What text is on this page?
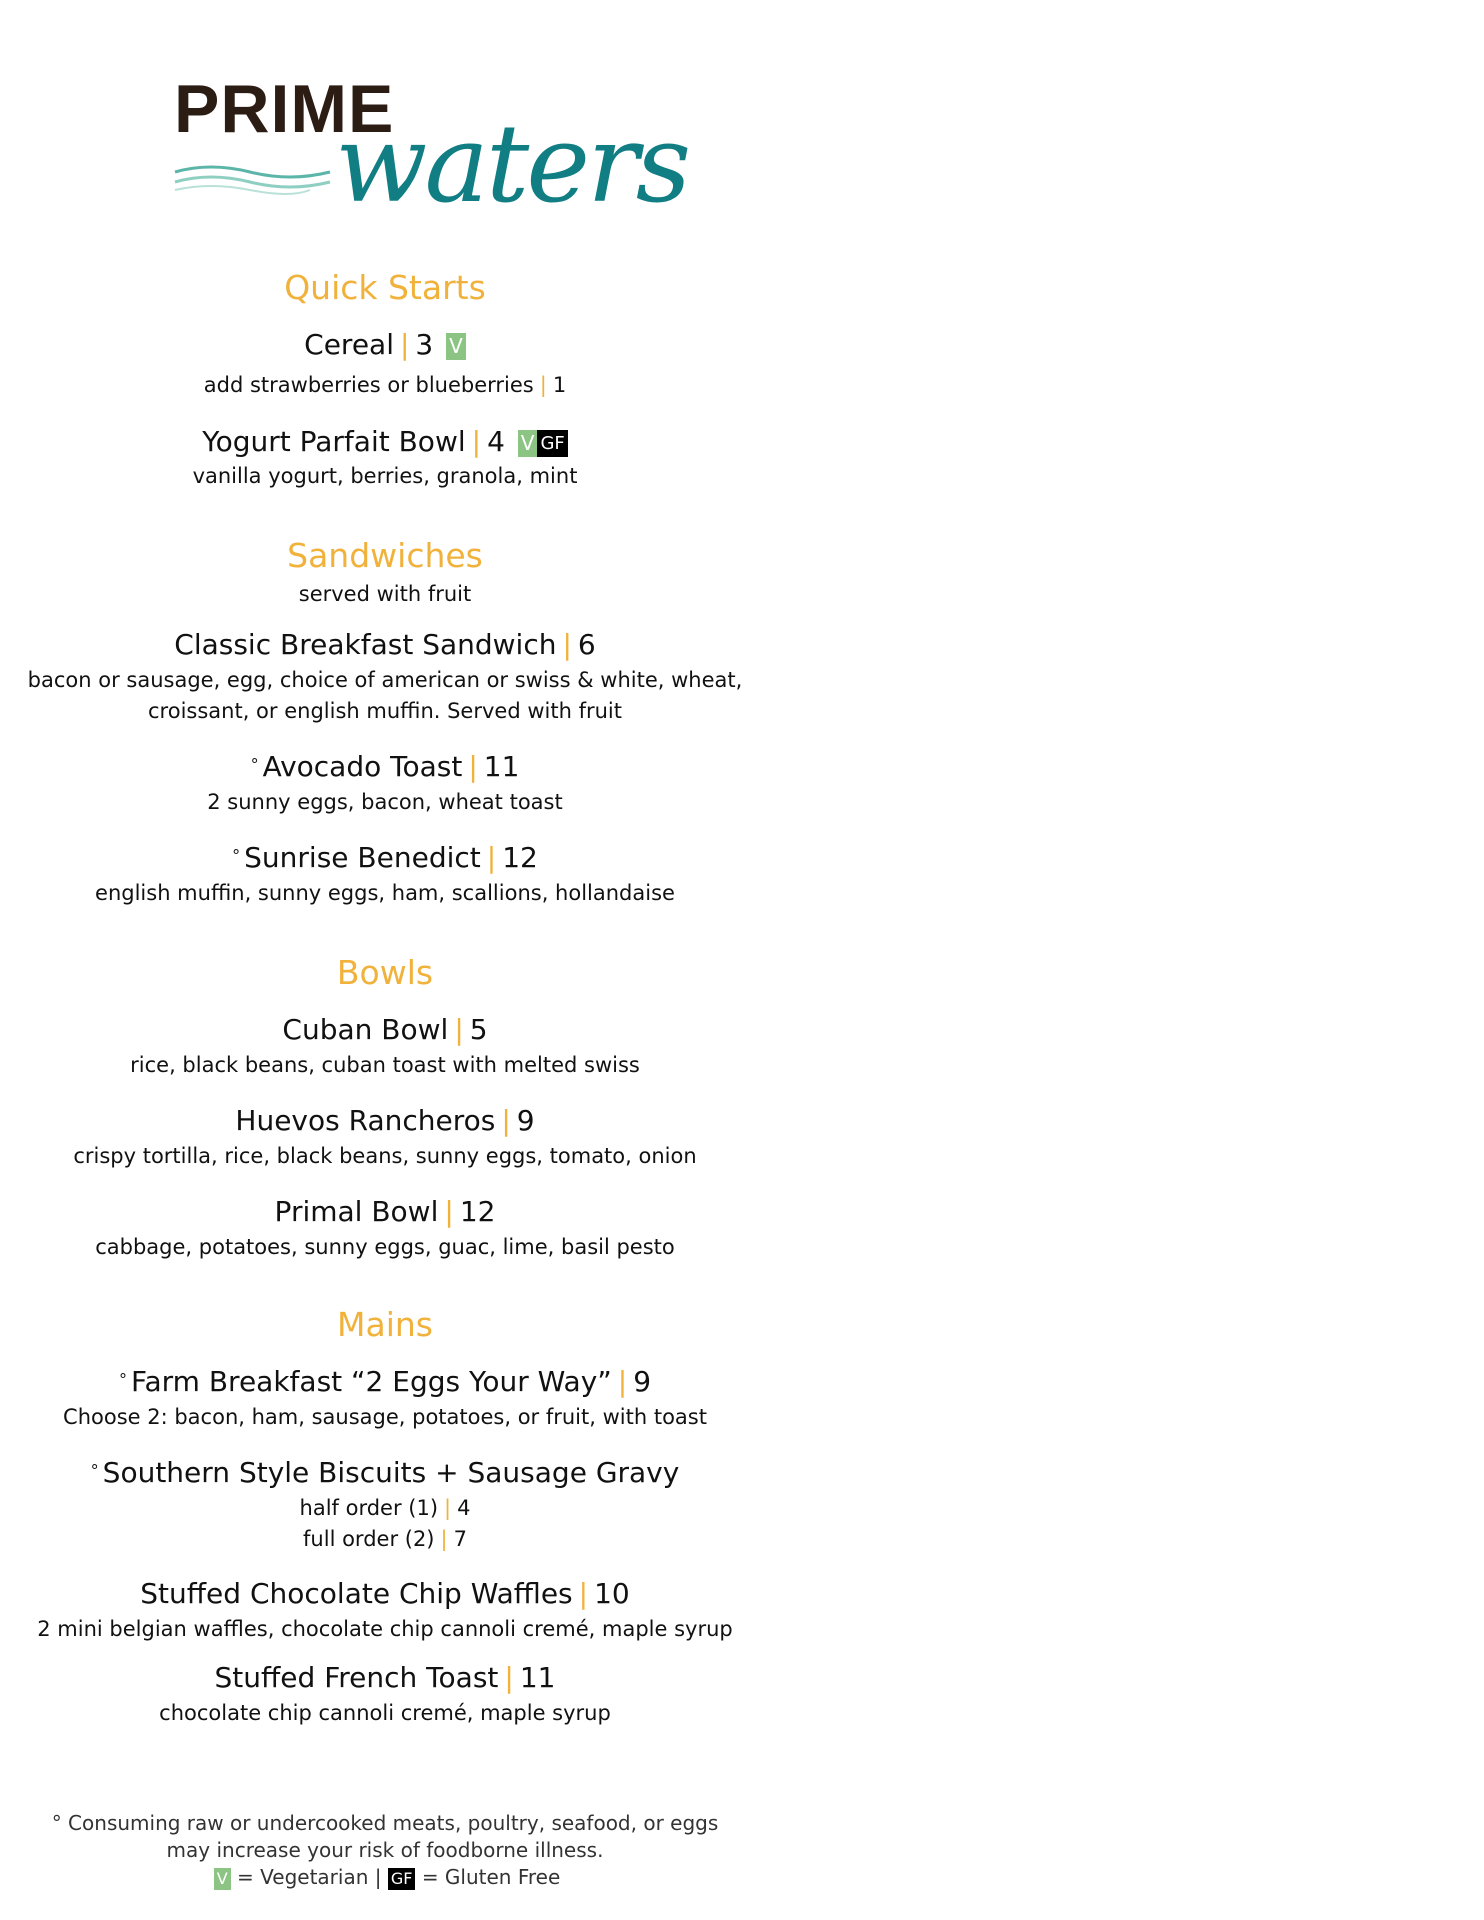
PRIME
waters
Quick Starts
Cereal | 3 V
add strawberries or blueberries | 1
Yogurt Parfait Bowl | 4 V GF
vanilla yogurt, berries, granola, mint
Sandwiches
served with fruit
Classic Breakfast Sandwich | 6
bacon or sausage, egg, choice of american or swiss & white, wheat,
croissant, or english muffin. Served with fruit
° Avocado Toast | 11
2 sunny eggs, bacon, wheat toast
° Sunrise Benedict | 12
english muffin, sunny eggs, ham, scallions, hollandaise
Bowls
Cuban Bowl | 5
rice, black beans, cuban toast with melted swiss
Huevos Rancheros | 9
crispy tortilla, rice, black beans, sunny eggs, tomato, onion
Primal Bowl | 12
cabbage, potatoes, sunny eggs, guac, lime, basil pesto
Mains
° Farm Breakfast “2 Eggs Your Way” | 9
Choose 2: bacon, ham, sausage, potatoes, or fruit, with toast
° Southern Style Biscuits + Sausage Gravy
half order (1) | 4
full order (2) | 7
Stuffed Chocolate Chip Waffles | 10
2 mini belgian waffles, chocolate chip cannoli cremé, maple syrup
Stuffed French Toast | 11
chocolate chip cannoli cremé, maple syrup
° Consuming raw or undercooked meats, poultry, seafood, or eggs
may increase your risk of foodborne illness.
V = Vegetarian | GF = Gluten Free
